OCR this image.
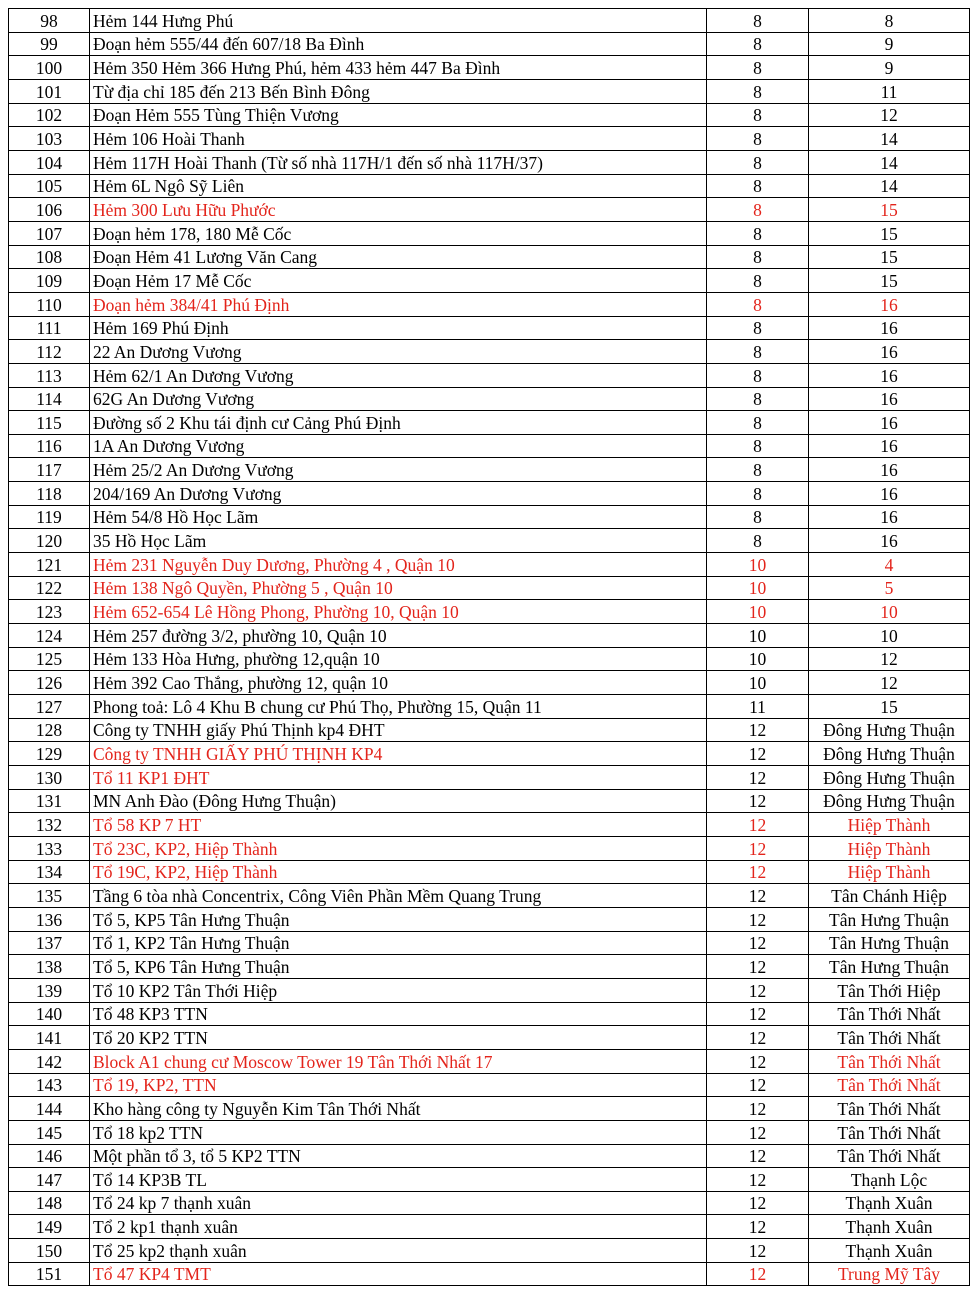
98	Hẻm 144 Hưng Phú	8	8
99	Đoạn hẻm 555/44 đến 607/18 Ba Đình	8	9
100	Hẻm 350 Hẻm 366 Hưng Phú, hẻm 433 hẻm 447 Ba Đình	8	9
101	Từ địa chỉ 185 đến 213 Bến Bình Đông	8	11
102	Đoạn Hẻm 555 Tùng Thiện Vương	8	12
103	Hẻm 106 Hoài Thanh	8	14
104	Hẻm 117H Hoài Thanh (Từ số nhà 117H/1 đến số nhà 117H/37)	8	14
105	Hẻm 6L Ngô Sỹ Liên	8	14
106	Hẻm 300 Lưu Hữu Phước	8	15
107	Đoạn hẻm 178, 180 Mễ Cốc	8	15
108	Đoạn Hẻm 41 Lương Văn Cang	8	15
109	Đoạn Hẻm 17 Mễ Cốc	8	15
110	Đoạn hẻm 384/41 Phú Định	8	16
111	Hẻm 169 Phú Định	8	16
112	22 An Dương Vương	8	16
113	Hẻm 62/1 An Dương Vương	8	16
114	62G An Dương Vương	8	16
115	Đường số 2 Khu tái định cư Cảng Phú Định	8	16
116	1A An Dương Vương	8	16
117	Hẻm 25/2 An Dương Vương	8	16
118	204/169 An Dương Vương	8	16
119	Hẻm 54/8 Hồ Học Lãm	8	16
120	35 Hồ Học Lãm	8	16
121	Hẻm 231 Nguyễn Duy Dương, Phường 4 , Quận 10	10	4
122	Hẻm 138 Ngô Quyền, Phường 5 , Quận 10	10	5
123	Hẻm 652-654 Lê Hồng Phong, Phường 10, Quận 10	10	10
124	Hẻm 257 đường 3/2, phường 10, Quận 10	10	10
125	Hẻm 133 Hòa Hưng, phường 12,quận 10	10	12
126	Hẻm 392 Cao Thắng, phường 12, quận 10	10	12
127	Phong toả: Lô 4 Khu B chung cư Phú Thọ, Phường 15, Quận 11	11	15
128	Công ty TNHH giấy Phú Thịnh kp4 ĐHT	12	Đông Hưng Thuận
129	Công ty TNHH GIẤY PHÚ THỊNH KP4	12	Đông Hưng Thuận
130	Tổ 11 KP1 ĐHT	12	Đông Hưng Thuận
131	MN Anh Đào (Đông Hưng Thuận)	12	Đông Hưng Thuận
132	Tổ 58 KP 7 HT	12	Hiệp Thành
133	Tổ 23C, KP2, Hiệp Thành	12	Hiệp Thành
134	Tổ 19C, KP2, Hiệp Thành	12	Hiệp Thành
135	Tầng 6 tòa nhà Concentrix, Công Viên Phần Mềm Quang Trung	12	Tân Chánh Hiệp
136	Tổ 5, KP5 Tân Hưng Thuận	12	Tân Hưng Thuận
137	Tổ 1, KP2 Tân Hưng Thuận	12	Tân Hưng Thuận
138	Tổ 5, KP6 Tân Hưng Thuận	12	Tân Hưng Thuận
139	Tổ 10 KP2 Tân Thới Hiệp	12	Tân Thới Hiệp
140	Tổ 48 KP3 TTN	12	Tân Thới Nhất
141	Tổ 20 KP2 TTN	12	Tân Thới Nhất
142	Block A1 chung cư Moscow Tower 19 Tân Thới Nhất 17	12	Tân Thới Nhất
143	Tổ 19, KP2, TTN	12	Tân Thới Nhất
144	Kho hàng công ty Nguyễn Kim Tân Thới Nhất	12	Tân Thới Nhất
145	Tổ 18 kp2 TTN	12	Tân Thới Nhất
146	Một phần tổ 3, tổ 5 KP2 TTN	12	Tân Thới Nhất
147	Tổ 14 KP3B TL	12	Thạnh Lộc
148	Tổ 24 kp 7 thạnh xuân	12	Thạnh Xuân
149	Tổ 2 kp1 thạnh xuân	12	Thạnh Xuân
150	Tổ 25 kp2 thạnh xuân	12	Thạnh Xuân
151	Tổ 47 KP4 TMT	12	Trung Mỹ Tây
